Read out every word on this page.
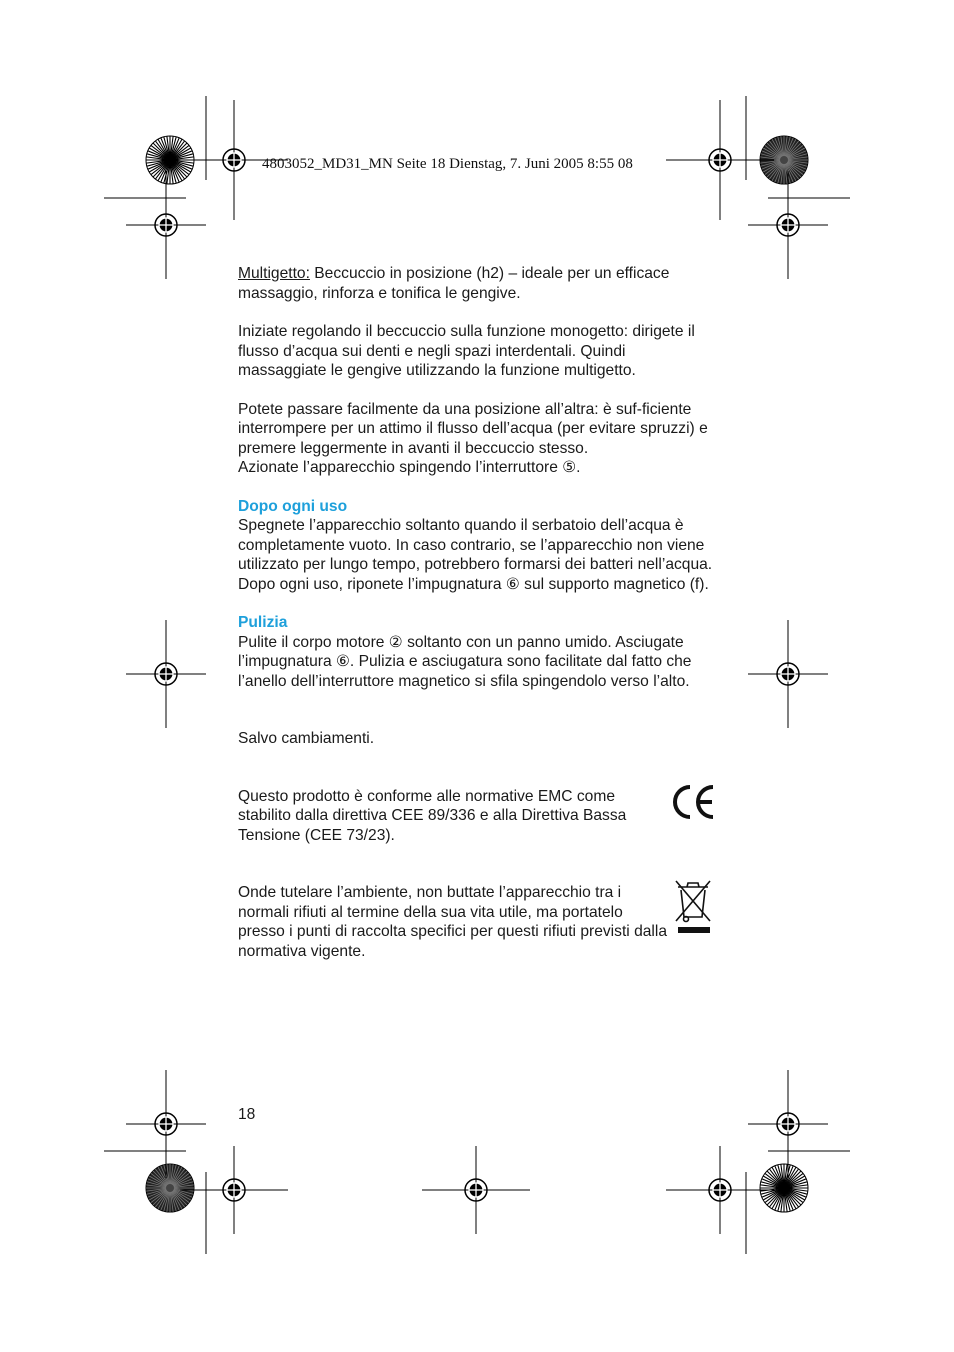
4803052_MD31_MN Seite 18 Dienstag, 7. Juni 2005 8:55 08

Multigetto: Beccuccio in posizione (h2) – ideale per un efficace massaggio, rinforza e tonifica le gengive.

Iniziate regolando il beccuccio sulla funzione monogetto: dirigete il flusso d’acqua sui denti e negli spazi interdentali. Quindi massaggiate le gengive utilizzando la funzione multigetto.

Potete passare facilmente da una posizione all’altra: è suf-ficiente interrompere per un attimo il flusso dell’acqua (per evitare spruzzi) e premere leggermente in avanti il beccuccio stesso.

Azionate l’apparecchio spingendo l’interruttore ⑤.

Dopo ogni uso

Spegnete l’apparecchio soltanto quando il serbatoio dell’acqua è completamente vuoto. In caso contrario, se l’apparecchio non viene utilizzato per lungo tempo, potrebbero formarsi dei batteri nell’acqua.

Dopo ogni uso, riponete l’impugnatura ⑥ sul supporto magnetico (f).

Pulizia

Pulite il corpo motore ② soltanto con un panno umido. Asciugate l’impugnatura ⑥. Pulizia e asciugatura sono facilitate dal fatto che l’anello dell’interruttore magnetico si sfila spingendolo verso l’alto.

Salvo cambiamenti.

Questo prodotto è conforme alle normative EMC come stabilito dalla direttiva CEE 89/336 e alla Direttiva Bassa Tensione (CEE 73/23).

Onde tutelare l’ambiente, non buttate l’apparecchio tra i normali rifiuti al termine della sua vita utile, ma portatelo presso i punti di raccolta specifici per questi rifiuti previsti dalla normativa vigente.

18
